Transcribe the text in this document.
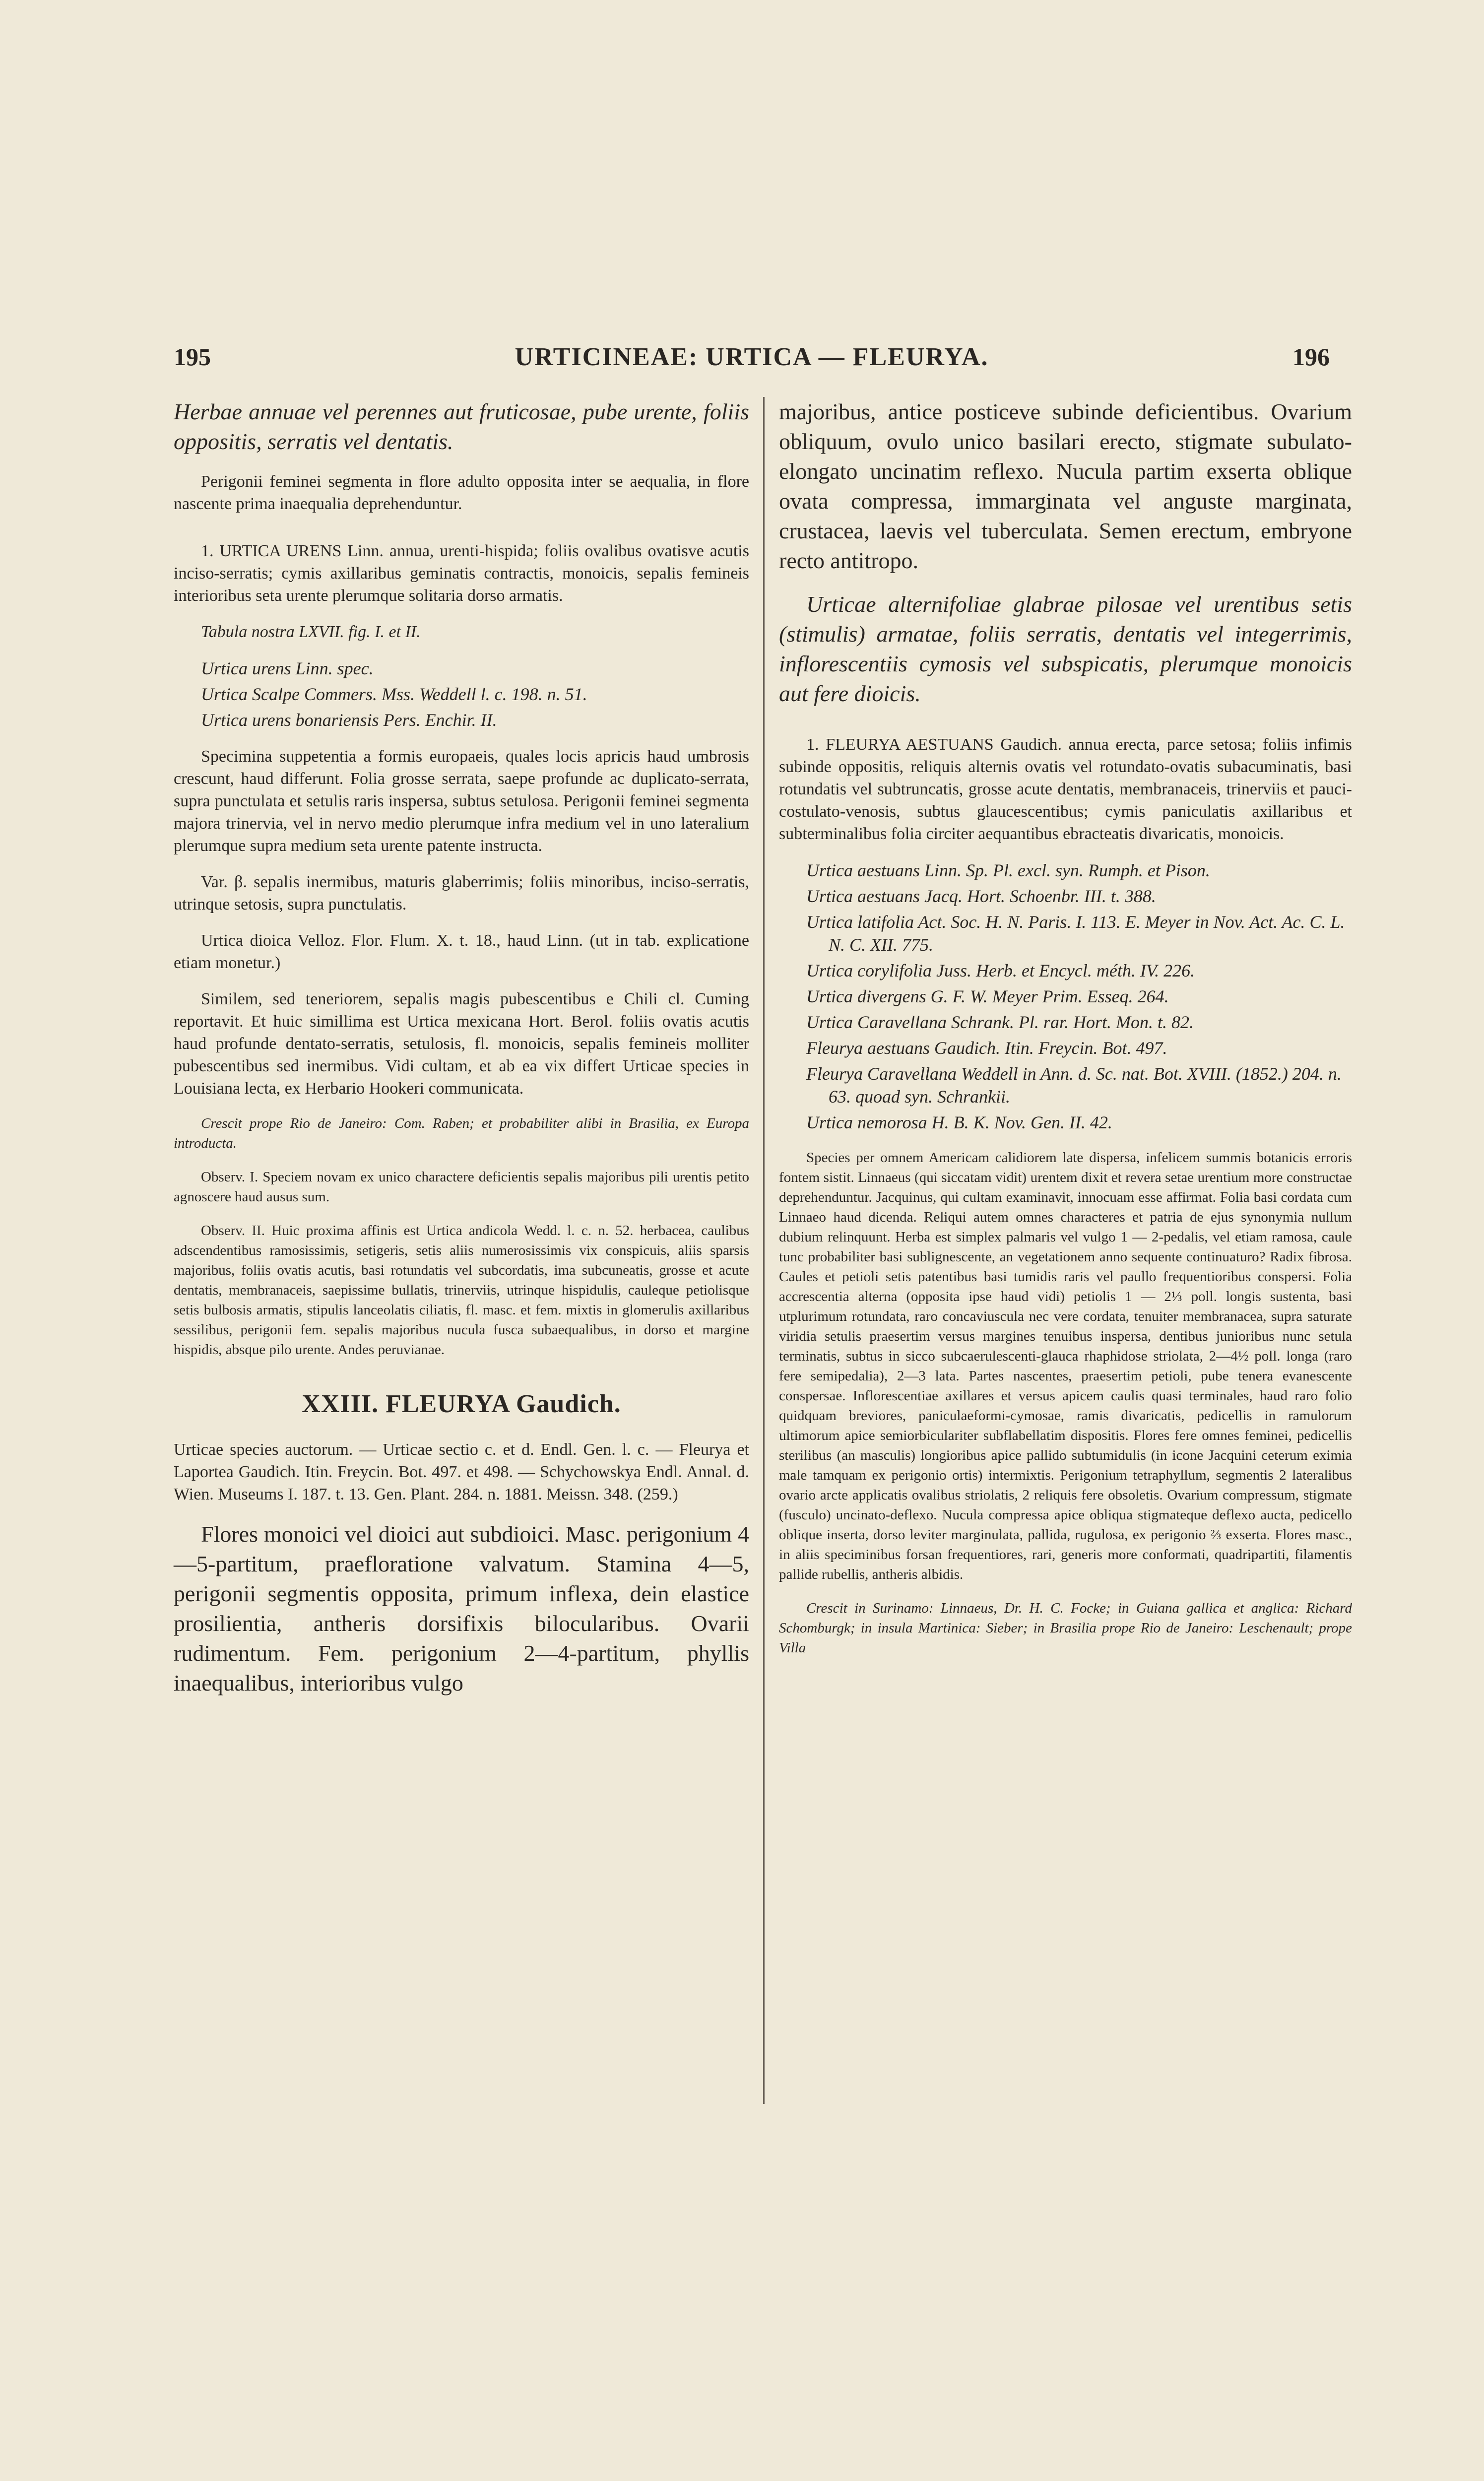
195	URTICINEAE: URTICA — FLEURYA.	196

Herbae annuae vel perennes aut fruticosae, pube urente, foliis oppositis, serratis vel dentatis.

Perigonii feminei segmenta in flore adulto opposita inter se aequalia, in flore nascente prima inaequalia deprehenduntur.

1. URTICA URENS Linn. annua, urenti-hispida; foliis ovalibus ovatisve acutis inciso-serratis; cymis axillaribus geminatis contractis, monoicis, sepalis femineis interioribus seta urente plerumque solitaria dorso armatis.

Tabula nostra LXVII. fig. I. et II.

Urtica urens Linn. spec.

Urtica Scalpe Commers. Mss. Weddell l. c. 198. n. 51.

Urtica urens bonariensis Pers. Enchir. II.

Specimina suppetentia a formis europaeis, quales locis apricis haud umbrosis crescunt, haud differunt. Folia grosse serrata, saepe profunde ac duplicato-serrata, supra punctulata et setulis raris inspersa, subtus setulosa. Perigonii feminei segmenta majora trinervia, vel in nervo medio plerumque infra medium vel in uno lateralium plerumque supra medium seta urente patente instructa.

Var. β. sepalis inermibus, maturis glaberrimis; foliis minoribus, inciso-serratis, utrinque setosis, supra punctulatis.

Urtica dioica Velloz. Flor. Flum. X. t. 18., haud Linn. (ut in tab. explicatione etiam monetur.)

Similem, sed teneriorem, sepalis magis pubescentibus e Chili cl. Cuming reportavit. Et huic simillima est Urtica mexicana Hort. Berol. foliis ovatis acutis haud profunde dentato-serratis, setulosis, fl. monoicis, sepalis femineis molliter pubescentibus sed inermibus. Vidi cultam, et ab ea vix differt Urticae species in Louisiana lecta, ex Herbario Hookeri communicata.

Crescit prope Rio de Janeiro: Com. Raben; et probabiliter alibi in Brasilia, ex Europa introducta.

Observ. I. Speciem novam ex unico charactere deficientis sepalis majoribus pili urentis petito agnoscere haud ausus sum.

Observ. II. Huic proxima affinis est Urtica andicola Wedd. l. c. n. 52. herbacea, caulibus adscendentibus ramosissimis, setigeris, setis aliis numerosissimis vix conspicuis, aliis sparsis majoribus, foliis ovatis acutis, basi rotundatis vel subcordatis, ima subcuneatis, grosse et acute dentatis, membranaceis, saepissime bullatis, trinerviis, utrinque hispidulis, cauleque petiolisque setis bulbosis armatis, stipulis lanceolatis ciliatis, fl. masc. et fem. mixtis in glomerulis axillaribus sessilibus, perigonii fem. sepalis majoribus nucula fusca subaequalibus, in dorso et margine hispidis, absque pilo urente. Andes peruvianae.

XXIII. FLEURYA Gaudich.

Urticae species auctorum. — Urticae sectio c. et d. Endl. Gen. l. c. — Fleurya et Laportea Gaudich. Itin. Freycin. Bot. 497. et 498. — Schychowskya Endl. Annal. d. Wien. Museums I. 187. t. 13. Gen. Plant. 284. n. 1881. Meissn. 348. (259.)

Flores monoici vel dioici aut subdioici. Masc. perigonium 4—5-partitum, praefloratione valvatum. Stamina 4—5, perigonii segmentis opposita, primum inflexa, dein elastice prosilientia, antheris dorsifixis bilocularibus. Ovarii rudimentum. Fem. perigonium 2—4-partitum, phyllis inaequalibus, interioribus vulgo

majoribus, antice posticeve subinde deficientibus. Ovarium obliquum, ovulo unico basilari erecto, stigmate subulato-elongato uncinatim reflexo. Nucula partim exserta oblique ovata compressa, immarginata vel anguste marginata, crustacea, laevis vel tuberculata. Semen erectum, embryone recto antitropo.

Urticae alternifoliae glabrae pilosae vel urentibus setis (stimulis) armatae, foliis serratis, dentatis vel integerrimis, inflorescentiis cymosis vel subspicatis, plerumque monoicis aut fere dioicis.

1. FLEURYA AESTUANS Gaudich. annua erecta, parce setosa; foliis infimis subinde oppositis, reliquis alternis ovatis vel rotundato-ovatis subacuminatis, basi rotundatis vel subtruncatis, grosse acute dentatis, membranaceis, trinerviis et pauci-costulato-venosis, subtus glaucescentibus; cymis paniculatis axillaribus et subterminalibus folia circiter aequantibus ebracteatis divaricatis, monoicis.

Urtica aestuans Linn. Sp. Pl. excl. syn. Rumph. et Pison.

Urtica aestuans Jacq. Hort. Schoenbr. III. t. 388.

Urtica latifolia Act. Soc. H. N. Paris. I. 113. E. Meyer in Nov. Act. Ac. C. L. N. C. XII. 775.

Urtica corylifolia Juss. Herb. et Encycl. méth. IV. 226.

Urtica divergens G. F. W. Meyer Prim. Esseq. 264.

Urtica Caravellana Schrank. Pl. rar. Hort. Mon. t. 82.

Fleurya aestuans Gaudich. Itin. Freycin. Bot. 497.

Fleurya Caravellana Weddell in Ann. d. Sc. nat. Bot. XVIII. (1852.) 204. n. 63. quoad syn. Schrankii.

Urtica nemorosa H. B. K. Nov. Gen. II. 42.

Species per omnem Americam calidiorem late dispersa, infelicem summis botanicis erroris fontem sistit. Linnaeus (qui siccatam vidit) urentem dixit et revera setae urentium more constructae deprehenduntur. Jacquinus, qui cultam examinavit, innocuam esse affirmat. Folia basi cordata cum Linnaeo haud dicenda. Reliqui autem omnes characteres et patria de ejus synonymia nullum dubium relinquunt. Herba est simplex palmaris vel vulgo 1 — 2-pedalis, vel etiam ramosa, caule tunc probabiliter basi sublignescente, an vegetationem anno sequente continuaturo? Radix fibrosa. Caules et petioli setis patentibus basi tumidis raris vel paullo frequentioribus conspersi. Folia accrescentia alterna (opposita ipse haud vidi) petiolis 1 — 2⅓ poll. longis sustenta, basi utplurimum rotundata, raro concaviuscula nec vere cordata, tenuiter membranacea, supra saturate viridia setulis praesertim versus margines tenuibus inspersa, dentibus junioribus nunc setula terminatis, subtus in sicco subcaerulescenti-glauca rhaphidose striolata, 2—4½ poll. longa (raro fere semipedalia), 2—3 lata. Partes nascentes, praesertim petioli, pube tenera evanescente conspersae. Inflorescentiae axillares et versus apicem caulis quasi terminales, haud raro folio quidquam breviores, paniculaeformi-cymosae, ramis divaricatis, pedicellis in ramulorum ultimorum apice semiorbiculariter subflabellatim dispositis. Flores fere omnes feminei, pedicellis sterilibus (an masculis) longioribus apice pallido subtumidulis (in icone Jacquini ceterum eximia male tamquam ex perigonio ortis) intermixtis. Perigonium tetraphyllum, segmentis 2 lateralibus ovario arcte applicatis ovalibus striolatis, 2 reliquis fere obsoletis. Ovarium compressum, stigmate (fusculo) uncinato-deflexo. Nucula compressa apice obliqua stigmateque deflexo aucta, pedicello oblique inserta, dorso leviter marginulata, pallida, rugulosa, ex perigonio ⅔ exserta. Flores masc., in aliis speciminibus forsan frequentiores, rari, generis more conformati, quadripartiti, filamentis pallide rubellis, antheris albidis.

Crescit in Surinamo: Linnaeus, Dr. H. C. Focke; in Guiana gallica et anglica: Richard Schomburgk; in insula Martinica: Sieber; in Brasilia prope Rio de Janeiro: Leschenault; prope Villa
